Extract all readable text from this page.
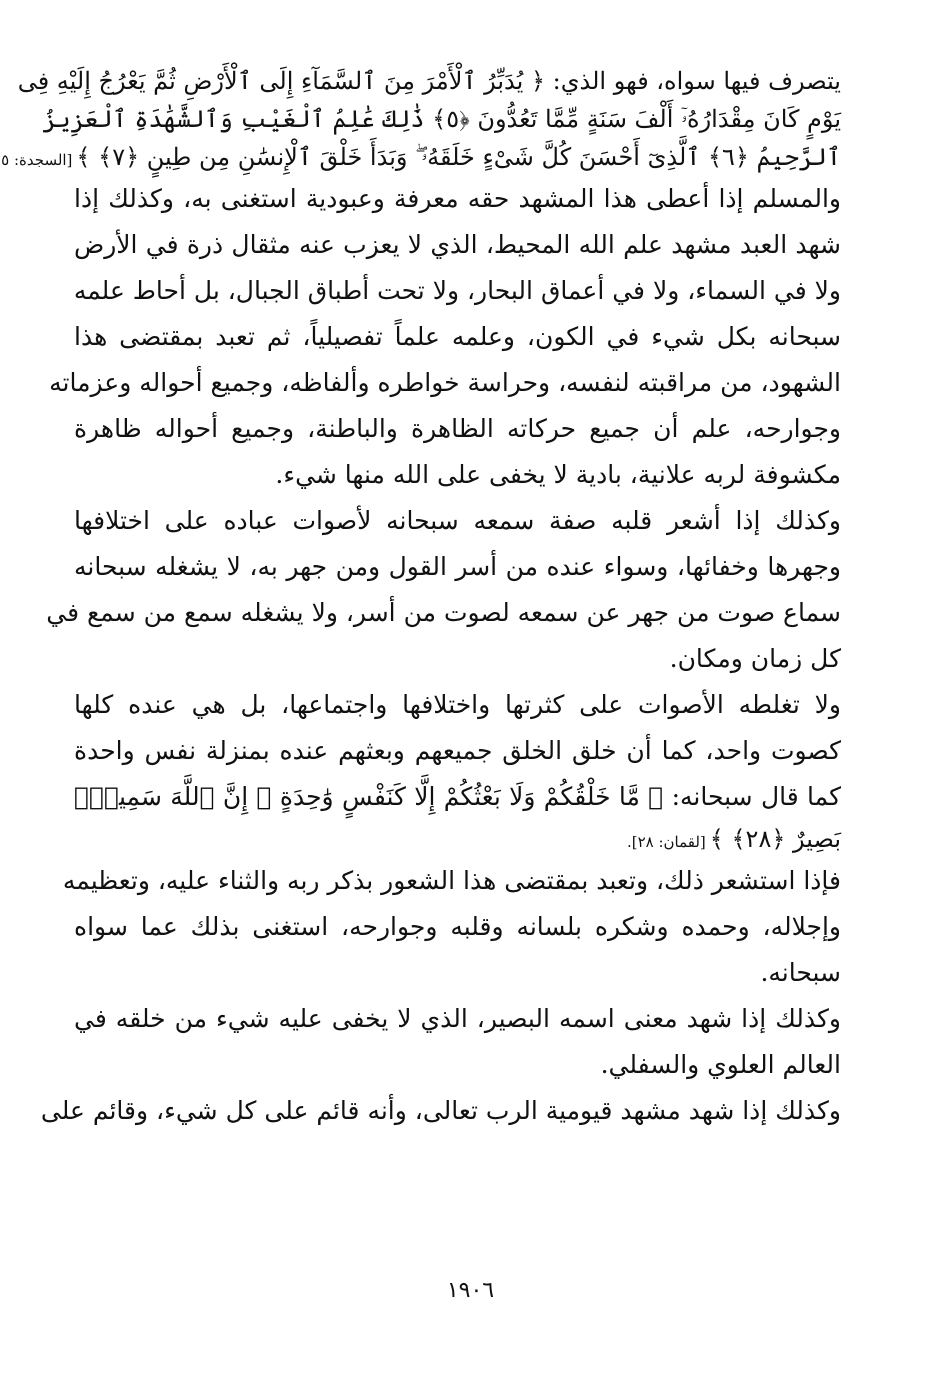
يتصرف فيها سواه، فهو الذي: ﴿ يُدَبِّرُ ٱلْأَمْرَ مِنَ ٱلسَّمَآءِ إِلَى ٱلْأَرْضِ ثُمَّ يَعْرُجُ إِلَيْهِ فِى
يَوْمٍ كَانَ مِقْدَارُهُۥٓ أَلْفَ سَنَةٍ مِّمَّا تَعُدُّونَ ﴿٥﴾ ذَٰلِكَ عَٰلِمُ ٱلْغَيْبِ وَٱلشَّهَٰدَةِ ٱلْعَزِيزُ
ٱلرَّحِيمُ ﴿٦﴾ ٱلَّذِىٓ أَحْسَنَ كُلَّ شَىْءٍ خَلَقَهُۥ ۖ وَبَدَأَ خَلْقَ ٱلْإِنسَٰنِ مِن طِينٍ ﴿٧﴾ ﴾[السجدة: ٥
والمسلم إذا أعطى هذا المشهد حقه معرفة وعبودية استغنى به، وكذلك إذا
شهد العبد مشهد علم الله المحيط، الذي لا يعزب عنه مثقال ذرة في الأرض
ولا في السماء، ولا في أعماق البحار، ولا تحت أطباق الجبال، بل أحاط علمه
سبحانه بكل شيء في الكون، وعلمه علماً تفصيلياً، ثم تعبد بمقتضى هذا
الشهود، من مراقبته لنفسه، وحراسة خواطره وألفاظه، وجميع أحواله وعزماته
وجوارحه، علم أن جميع حركاته الظاهرة والباطنة، وجميع أحواله ظاهرة
مكشوفة لربه علانية، بادية لا يخفى على الله منها شيء.
وكذلك إذا أشعر قلبه صفة سمعه سبحانه لأصوات عباده على اختلافها
وجهرها وخفائها، وسواء عنده من أسر القول ومن جهر به، لا يشغله سبحانه
سماع صوت من جهر عن سمعه لصوت من أسر، ولا يشغله سمع من سمع في
كل زمان ومكان.
ولا تغلطه الأصوات على كثرتها واختلافها واجتماعها، بل هي عنده كلها
كصوت واحد، كما أن خلق الخلق جميعهم وبعثهم عنده بمنزلة نفس واحدة
كما قال سبحانه: ﴿ مَّا خَلْقُكُمْ وَلَا بَعْثُكُمْ إِلَّا كَنَفْسٍ وَٰحِدَةٍ ۗ إِنَّ ٱللَّهَ سَمِيعٌۢ
بَصِيرٌ ﴿٢٨﴾ ﴾[لقمان: ٢٨].
فإذا استشعر ذلك، وتعبد بمقتضى هذا الشعور بذكر ربه والثناء عليه، وتعظيمه
وإجلاله، وحمده وشكره بلسانه وقلبه وجوارحه، استغنى بذلك عما سواه
سبحانه.
وكذلك إذا شهد معنى اسمه البصير، الذي لا يخفى عليه شيء من خلقه في
العالم العلوي والسفلي.
وكذلك إذا شهد مشهد قيومية الرب تعالى، وأنه قائم على كل شيء، وقائم على
١٩٠٦
